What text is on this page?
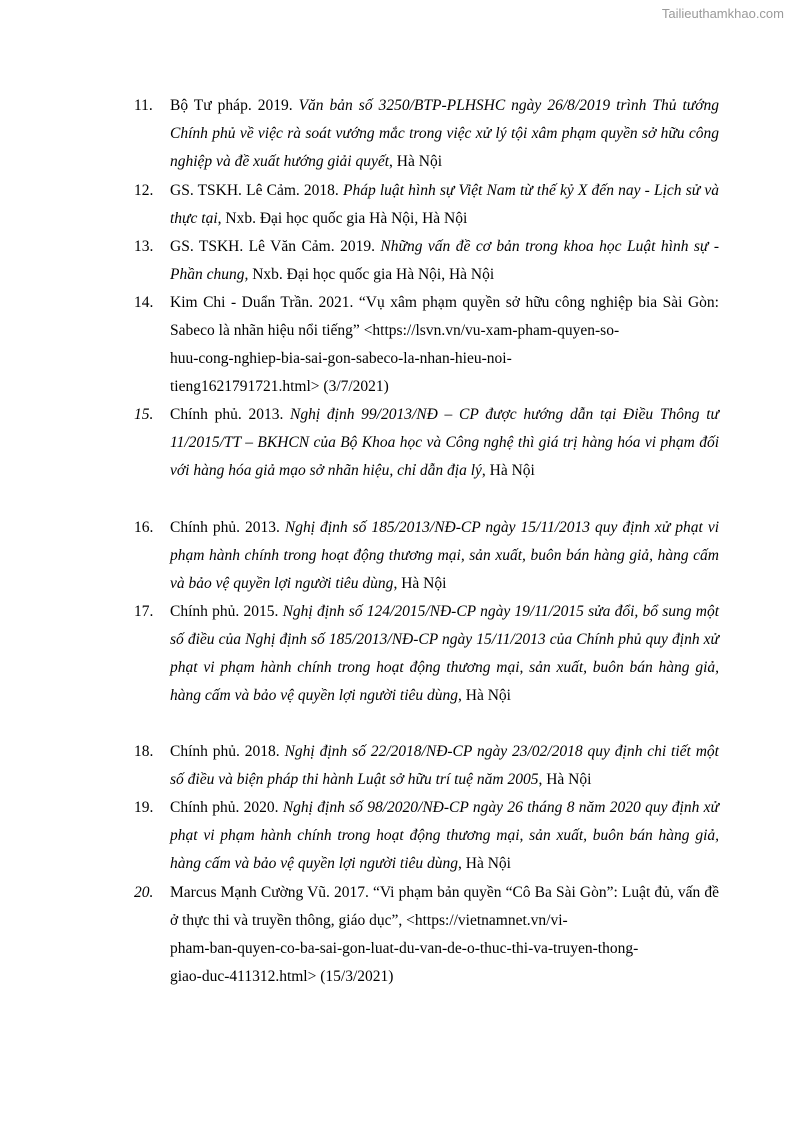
Tailieuthamkhao.com
11. Bộ Tư pháp. 2019. Văn bản số 3250/BTP-PLHSHC ngày 26/8/2019 trình Thủ tướng Chính phủ về việc rà soát vướng mắc trong việc xử lý tội xâm phạm quyền sở hữu công nghiệp và đề xuất hướng giải quyết, Hà Nội
12. GS. TSKH. Lê Cảm. 2018. Pháp luật hình sự Việt Nam từ thế kỷ X đến nay - Lịch sử và thực tại, Nxb. Đại học quốc gia Hà Nội, Hà Nội
13. GS. TSKH. Lê Văn Cảm. 2019. Những vấn đề cơ bản trong khoa học Luật hình sự - Phần chung, Nxb. Đại học quốc gia Hà Nội, Hà Nội
14. Kim Chi - Duẩn Trần. 2021. “Vụ xâm phạm quyền sở hữu công nghiệp bia Sài Gòn: Sabeco là nhãn hiệu nổi tiếng” <https://lsvn.vn/vu-xam-pham-quyen-so-
huu-cong-nghiep-bia-sai-gon-sabeco-la-nhan-hieu-noi-
tieng1621791721.html> (3/7/2021)
15. Chính phủ. 2013. Nghị định 99/2013/NĐ – CP được hướng dẫn tại Điều Thông tư 11/2015/TT – BKHCN của Bộ Khoa học và Công nghệ thì giá trị hàng hóa vi phạm đối với hàng hóa giả mạo sở nhãn hiệu, chỉ dẫn địa lý, Hà Nội
16. Chính phủ. 2013. Nghị định số 185/2013/NĐ-CP ngày 15/11/2013 quy định xử phạt vi phạm hành chính trong hoạt động thương mại, sản xuất, buôn bán hàng giả, hàng cấm và bảo vệ quyền lợi người tiêu dùng, Hà Nội
17. Chính phủ. 2015. Nghị định số 124/2015/NĐ-CP ngày 19/11/2015 sửa đổi, bổ sung một số điều của Nghị định số 185/2013/NĐ-CP ngày 15/11/2013 của Chính phủ quy định xử phạt vi phạm hành chính trong hoạt động thương mại, sản xuất, buôn bán hàng giả, hàng cấm và bảo vệ quyền lợi người tiêu dùng, Hà Nội
18. Chính phủ. 2018. Nghị định số 22/2018/NĐ-CP ngày 23/02/2018 quy định chi tiết một số điều và biện pháp thi hành Luật sở hữu trí tuệ năm 2005, Hà Nội
19. Chính phủ. 2020. Nghị định số 98/2020/NĐ-CP ngày 26 tháng 8 năm 2020 quy định xử phạt vi phạm hành chính trong hoạt động thương mại, sản xuất, buôn bán hàng giả, hàng cấm và bảo vệ quyền lợi người tiêu dùng, Hà Nội
20. Marcus Mạnh Cường Vũ. 2017. “Vi phạm bản quyền “Cô Ba Sài Gòn”: Luật đủ, vấn đề ở thực thi và truyền thông, giáo dục”, <https://vietnamnet.vn/vi-
pham-ban-quyen-co-ba-sai-gon-luat-du-van-de-o-thuc-thi-va-truyen-thong-
giao-duc-411312.html> (15/3/2021)
